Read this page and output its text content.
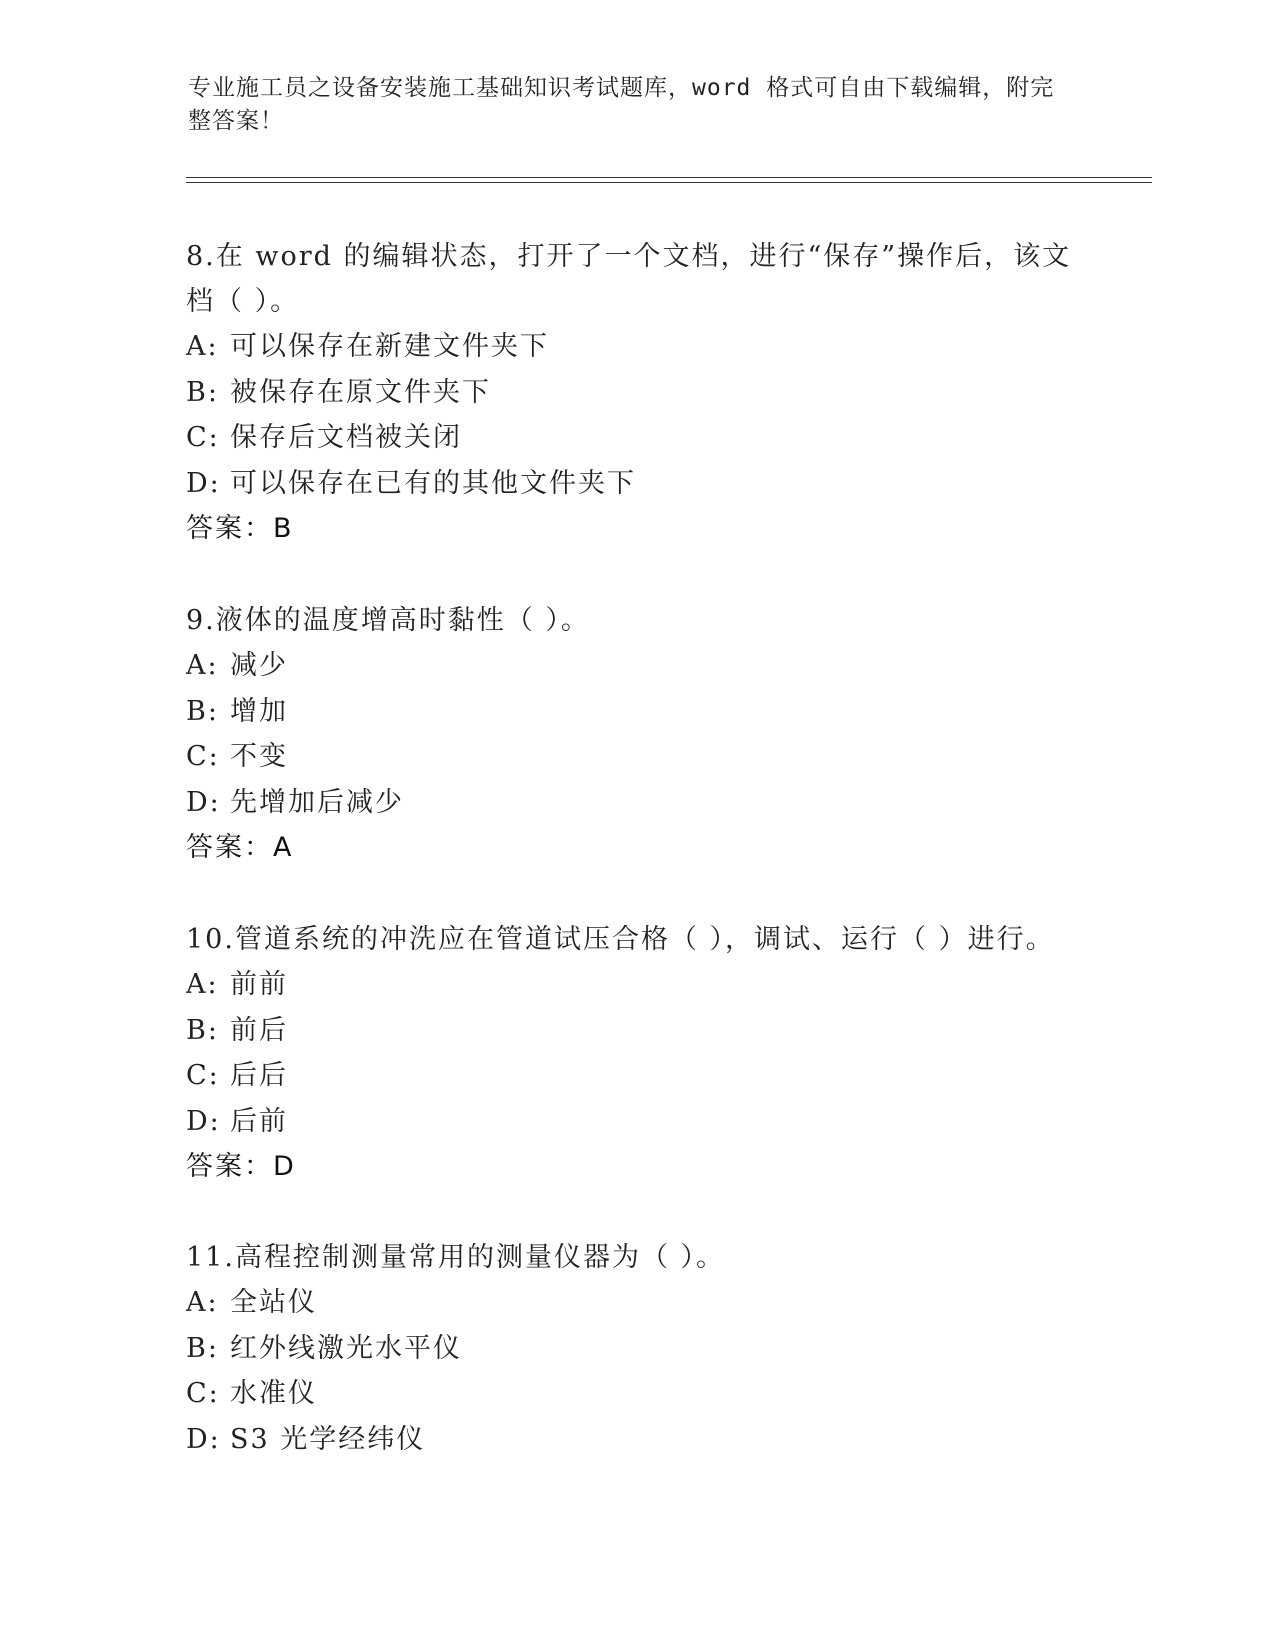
专业施工员之设备安装施工基础知识考试题库，word 格式可自由下载编辑，附完整答案！

8.在 word 的编辑状态，打开了一个文档，进行“保存”操作后，该文档（ ）。

A: 可以保存在新建文件夹下

B: 被保存在原文件夹下

C: 保存后文档被关闭

D: 可以保存在已有的其他文件夹下

答案：B

9.液体的温度增高时黏性（ ）。

A: 减少

B: 增加

C: 不变

D: 先增加后减少

答案：A

10.管道系统的冲洗应在管道试压合格（ ），调试、运行（ ）进行。

A: 前前

B: 前后

C: 后后

D: 后前

答案：D

11.高程控制测量常用的测量仪器为（ ）。

A: 全站仪

B: 红外线激光水平仪

C: 水准仪

D: S3 光学经纬仪
